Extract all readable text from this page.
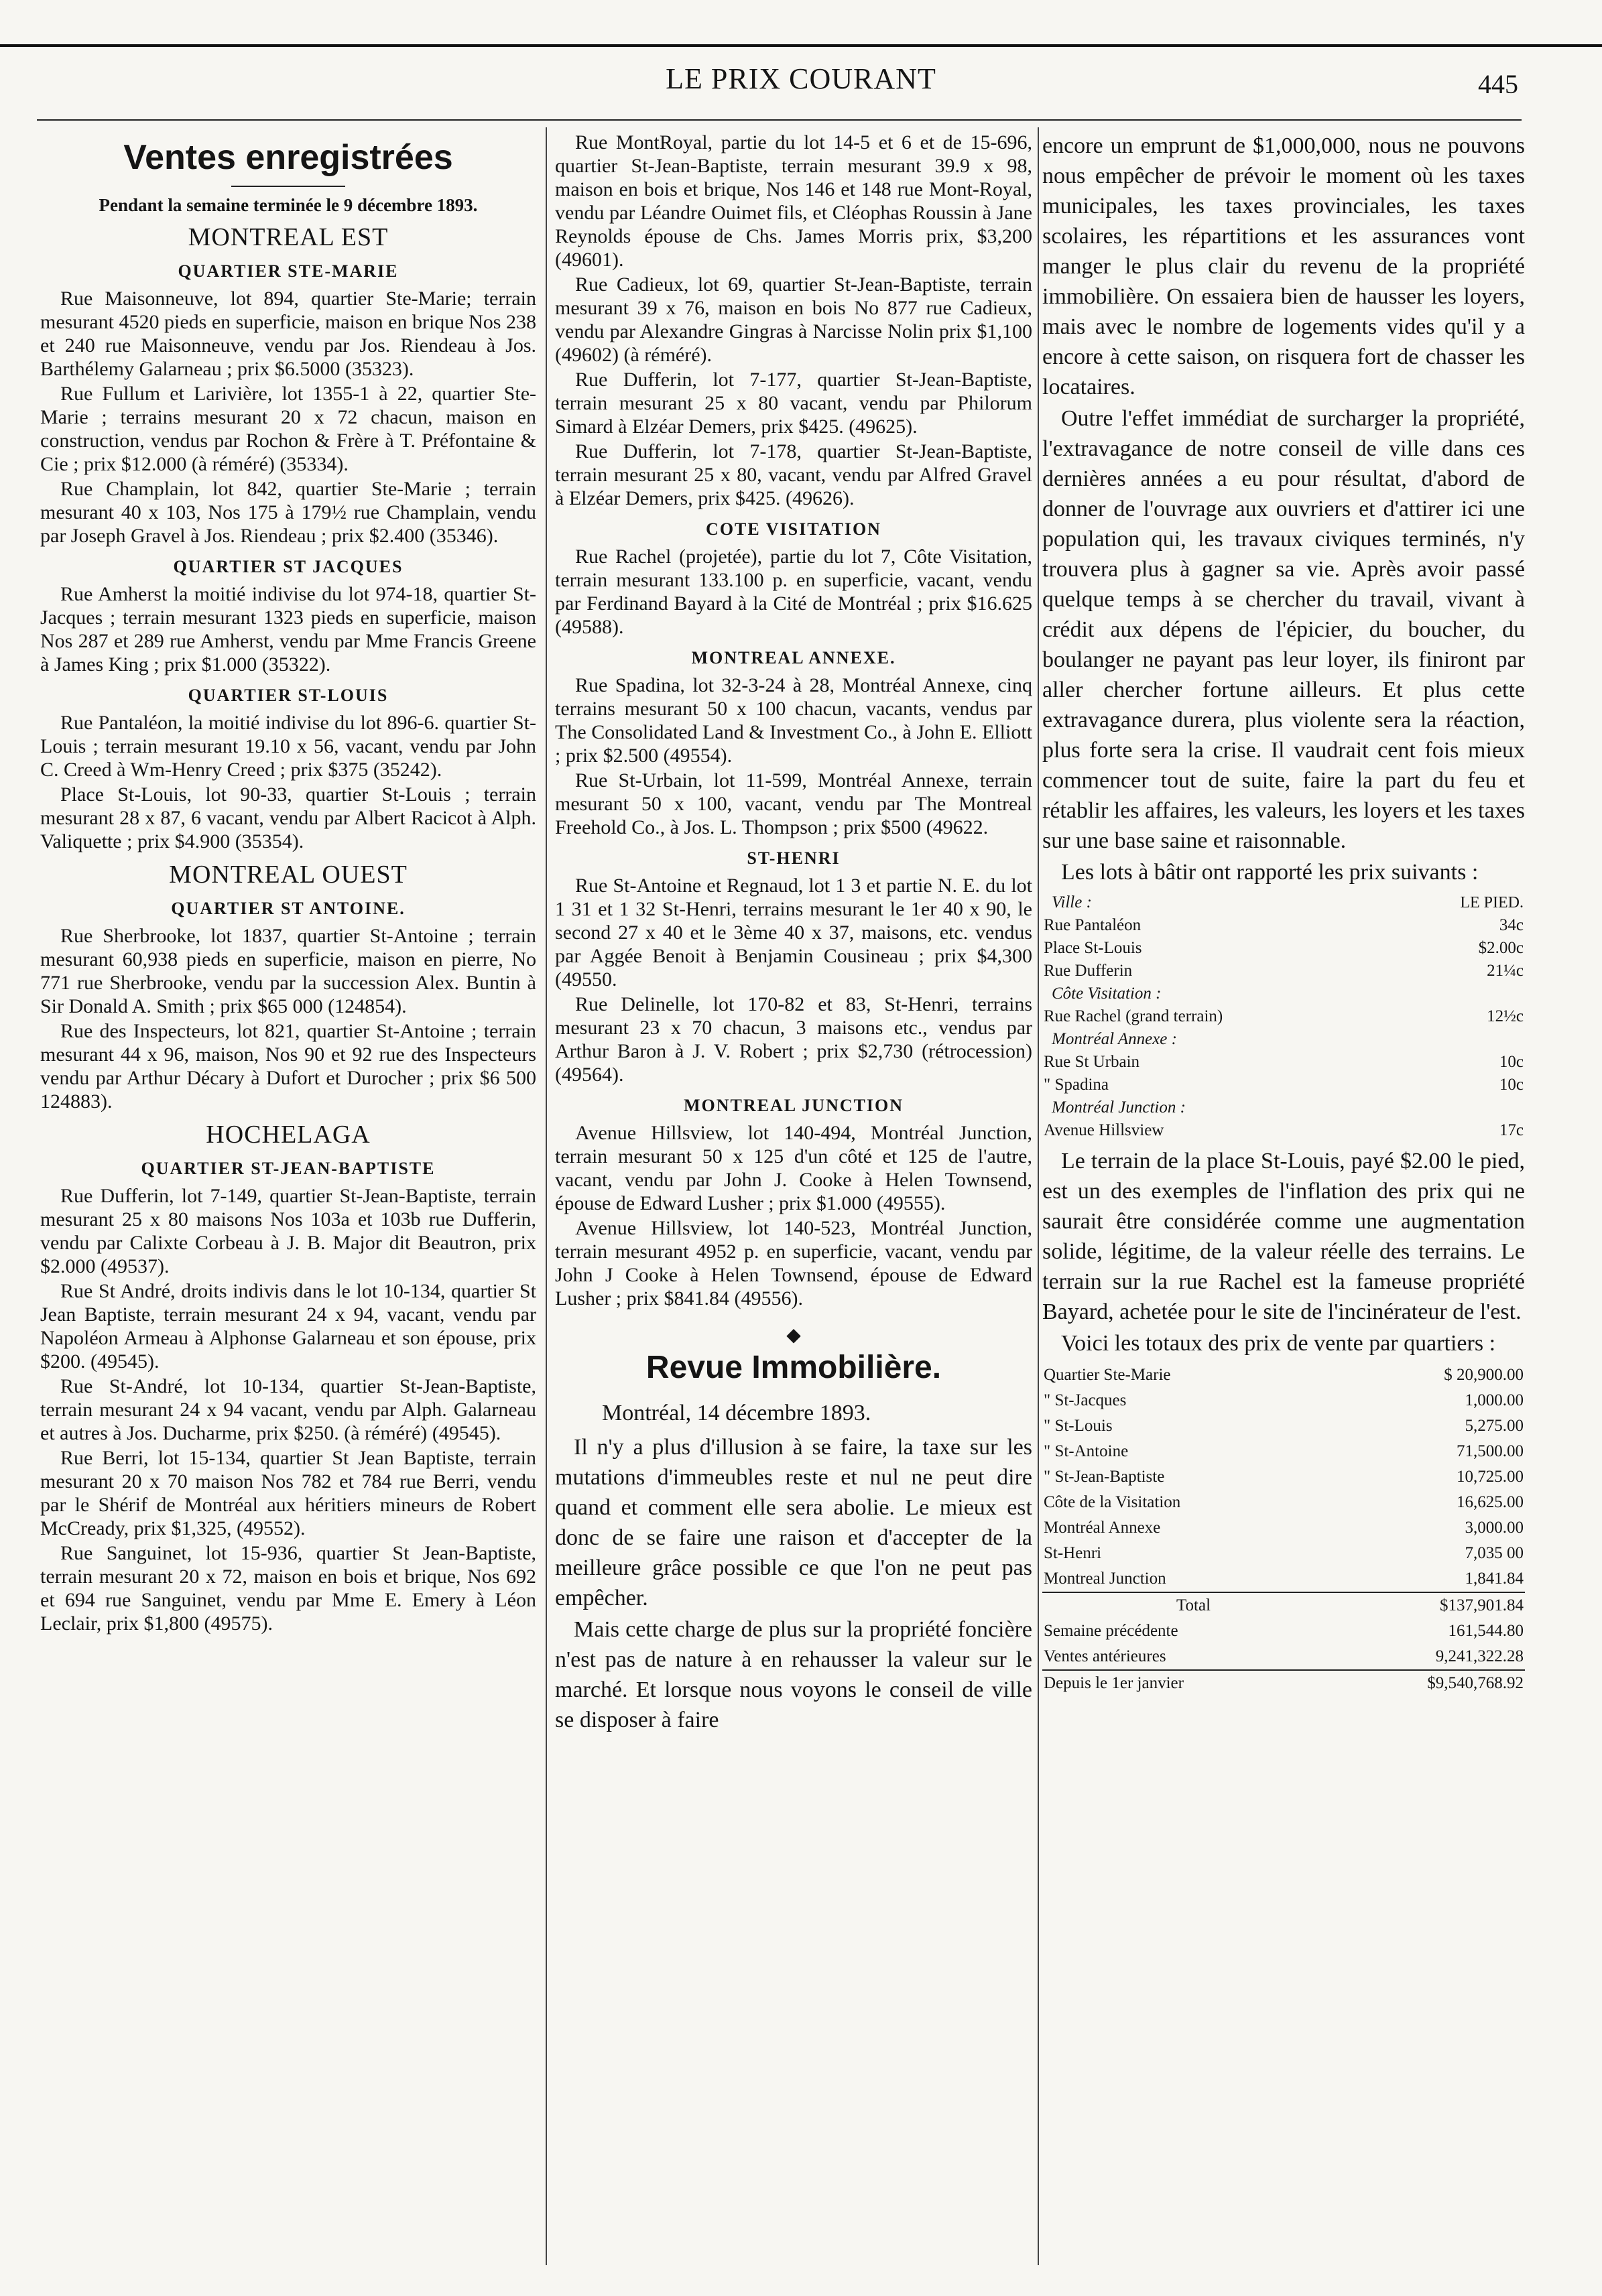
LE PRIX COURANT	445
Ventes enregistrées
Pendant la semaine terminée le 9 décembre 1893.
MONTREAL EST
QUARTIER STE-MARIE

Rue Maisonneuve, lot 894, quartier Ste-Marie; terrain mesurant 4520 pieds en superficie, maison en brique Nos 238 et 240 rue Maisonneuve, vendu par Jos. Riendeau à Jos. Barthélemy Galarneau ; prix $6.5000 (35323).

Rue Fullum et Larivière, lot 1355-1 à 22, quartier Ste-Marie ; terrains mesurant 20 x 72 chacun, maison en construction, vendus par Rochon & Frère à T. Préfontaine & Cie ; prix $12.000 (à réméré) (35334).

Rue Champlain, lot 842, quartier Ste-Marie ; terrain mesurant 40 x 103, Nos 175 à 179½ rue Champlain, vendu par Joseph Gravel à Jos. Riendeau ; prix $2.400 (35346).

QUARTIER ST JACQUES

Rue Amherst la moitié indivise du lot 974-18, quartier St-Jacques ; terrain mesurant 1323 pieds en superficie, maison Nos 287 et 289 rue Amherst, vendu par Mme Francis Greene à James King ; prix $1.000 (35322).

QUARTIER ST-LOUIS

Rue Pantaléon, la moitié indivise du lot 896-6. quartier St-Louis ; terrain mesurant 19.10 x 56, vacant, vendu par John C. Creed à Wm-Henry Creed ; prix $375 (35242).

Place St-Louis, lot 90-33, quartier St-Louis ; terrain mesurant 28 x 87, 6 vacant, vendu par Albert Racicot à Alph. Valiquette ; prix $4.900 (35354).

MONTREAL OUEST
QUARTIER ST ANTOINE.

Rue Sherbrooke, lot 1837, quartier St-Antoine ; terrain mesurant 60,938 pieds en superficie, maison en pierre, No 771 rue Sherbrooke, vendu par la succession Alex. Buntin à Sir Donald A. Smith ; prix $65 000 (124854).

Rue des Inspecteurs, lot 821, quartier St-Antoine ; terrain mesurant 44 x 96, maison, Nos 90 et 92 rue des Inspecteurs vendu par Arthur Décary à Dufort et Durocher ; prix $6 500 124883).

HOCHELAGA
QUARTIER ST-JEAN-BAPTISTE

Rue Dufferin, lot 7-149, quartier St-Jean-Baptiste, terrain mesurant 25 x 80 maisons Nos 103a et 103b rue Dufferin, vendu par Calixte Corbeau à J. B. Major dit Beautron, prix $2.000 (49537).

Rue St André, droits indivis dans le lot 10-134, quartier St Jean Baptiste, terrain mesurant 24 x 94, vacant, vendu par Napoléon Armeau à Alphonse Galarneau et son épouse, prix $200. (49545).

Rue St-André, lot 10-134, quartier St-Jean-Baptiste, terrain mesurant 24 x 94 vacant, vendu par Alph. Galarneau et autres à Jos. Ducharme, prix $250. (à réméré) (49545).

Rue Berri, lot 15-134, quartier St Jean Baptiste, terrain mesurant 20 x 70 maison Nos 782 et 784 rue Berri, vendu par le Shérif de Montréal aux héritiers mineurs de Robert McCready, prix $1,325, (49552).

Rue Sanguinet, lot 15-936, quartier St Jean-Baptiste, terrain mesurant 20 x 72, maison en bois et brique, Nos 692 et 694 rue Sanguinet, vendu par Mme E. Emery à Léon Leclair, prix $1,800 (49575).

Rue MontRoyal, partie du lot 14-5 et 6 et de 15-696, quartier St-Jean-Baptiste, terrain mesurant 39.9 x 98, maison en bois et brique, Nos 146 et 148 rue Mont-Royal, vendu par Léandre Ouimet fils, et Cléophas Roussin à Jane Reynolds épouse de Chs. James Morris prix, $3,200 (49601).

Rue Cadieux, lot 69, quartier St-Jean-Baptiste, terrain mesurant 39 x 76, maison en bois No 877 rue Cadieux, vendu par Alexandre Gingras à Narcisse Nolin prix $1,100 (49602) (à réméré).

Rue Dufferin, lot 7-177, quartier St-Jean-Baptiste, terrain mesurant 25 x 80 vacant, vendu par Philorum Simard à Elzéar Demers, prix $425. (49625).

Rue Dufferin, lot 7-178, quartier St-Jean-Baptiste, terrain mesurant 25 x 80, vacant, vendu par Alfred Gravel à Elzéar Demers, prix $425. (49626).

COTE VISITATION

Rue Rachel (projetée), partie du lot 7, Côte Visitation, terrain mesurant 133.100 p. en superficie, vacant, vendu par Ferdinand Bayard à la Cité de Montréal ; prix $16.625 (49588).

MONTREAL ANNEXE.

Rue Spadina, lot 32-3-24 à 28, Montréal Annexe, cinq terrains mesurant 50 x 100 chacun, vacants, vendus par The Consolidated Land & Investment Co., à John E. Elliott ; prix $2.500 (49554).

Rue St-Urbain, lot 11-599, Montréal Annexe, terrain mesurant 50 x 100, vacant, vendu par The Montreal Freehold Co., à Jos. L. Thompson ; prix $500 (49622.

ST-HENRI

Rue St-Antoine et Regnaud, lot 1 3 et partie N. E. du lot 1 31 et 1 32 St-Henri, terrains mesurant le 1er 40 x 90, le second 27 x 40 et le 3ème 40 x 37, maisons, etc. vendus par Aggée Benoit à Benjamin Cousineau ; prix $4,300 (49550.

Rue Delinelle, lot 170-82 et 83, St-Henri, terrains mesurant 23 x 70 chacun, 3 maisons etc., vendus par Arthur Baron à J. V. Robert ; prix $2,730 (rétrocession) (49564).

MONTREAL JUNCTION

Avenue Hillsview, lot 140-494, Montréal Junction, terrain mesurant 50 x 125 d'un côté et 125 de l'autre, vacant, vendu par John J. Cooke à Helen Townsend, épouse de Edward Lusher ; prix $1.000 (49555).

Avenue Hillsview, lot 140-523, Montréal Junction, terrain mesurant 4952 p. en superficie, vacant, vendu par John J Cooke à Helen Townsend, épouse de Edward Lusher ; prix $841.84 (49556).

◆
Revue Immobilière.
Montréal, 14 décembre 1893.

Il n'y a plus d'illusion à se faire, la taxe sur les mutations d'immeubles reste et nul ne peut dire quand et comment elle sera abolie. Le mieux est donc de se faire une raison et d'accepter de la meilleure grâce possible ce que l'on ne peut pas empêcher.

Mais cette charge de plus sur la propriété foncière n'est pas de nature à en rehausser la valeur sur le marché. Et lorsque nous voyons le conseil de ville se disposer à faire

encore un emprunt de $1,000,000, nous ne pouvons nous empêcher de prévoir le moment où les taxes municipales, les taxes provinciales, les taxes scolaires, les répartitions et les assurances vont manger le plus clair du revenu de la propriété immobilière. On essaiera bien de hausser les loyers, mais avec le nombre de logements vides qu'il y a encore à cette saison, on risquera fort de chasser les locataires.

Outre l'effet immédiat de surcharger la propriété, l'extravagance de notre conseil de ville dans ces dernières années a eu pour résultat, d'abord de donner de l'ouvrage aux ouvriers et d'attirer ici une population qui, les travaux civiques terminés, n'y trouvera plus à gagner sa vie. Après avoir passé quelque temps à se chercher du travail, vivant à crédit aux dépens de l'épicier, du boucher, du boulanger ne payant pas leur loyer, ils finiront par aller chercher fortune ailleurs. Et plus cette extravagance durera, plus violente sera la réaction, plus forte sera la crise. Il vaudrait cent fois mieux commencer tout de suite, faire la part du feu et rétablir les affaires, les valeurs, les loyers et les taxes sur une base saine et raisonnable.

Les lots à bâtir ont rapporté les prix suivants :

Ville :	LE PIED.
Rue Pantaléon	34c
Place St-Louis	$2.00c
Rue Dufferin	21¼c
Côte Visitation :	
Rue Rachel (grand terrain)	12½c
Montréal Annexe :	
Rue St Urbain	10c
" Spadina	10c
Montréal Junction :	
Avenue Hillsview	17c

Le terrain de la place St-Louis, payé $2.00 le pied, est un des exemples de l'inflation des prix qui ne saurait être considérée comme une augmentation solide, légitime, de la valeur réelle des terrains. Le terrain sur la rue Rachel est la fameuse propriété Bayard, achetée pour le site de l'incinérateur de l'est.

Voici les totaux des prix de vente par quartiers :

Quartier Ste-Marie	$ 20,900.00
" St-Jacques	1,000.00
" St-Louis	5,275.00
" St-Antoine	71,500.00
" St-Jean-Baptiste	10,725.00
Côte de la Visitation	16,625.00
Montréal Annexe	3,000.00
St-Henri	7,035 00
Montreal Junction	1,841.84
Total	$137,901.84
Semaine précédente	161,544.80
Ventes antérieures	9,241,322.28
Depuis le 1er janvier	$9,540,768.92
